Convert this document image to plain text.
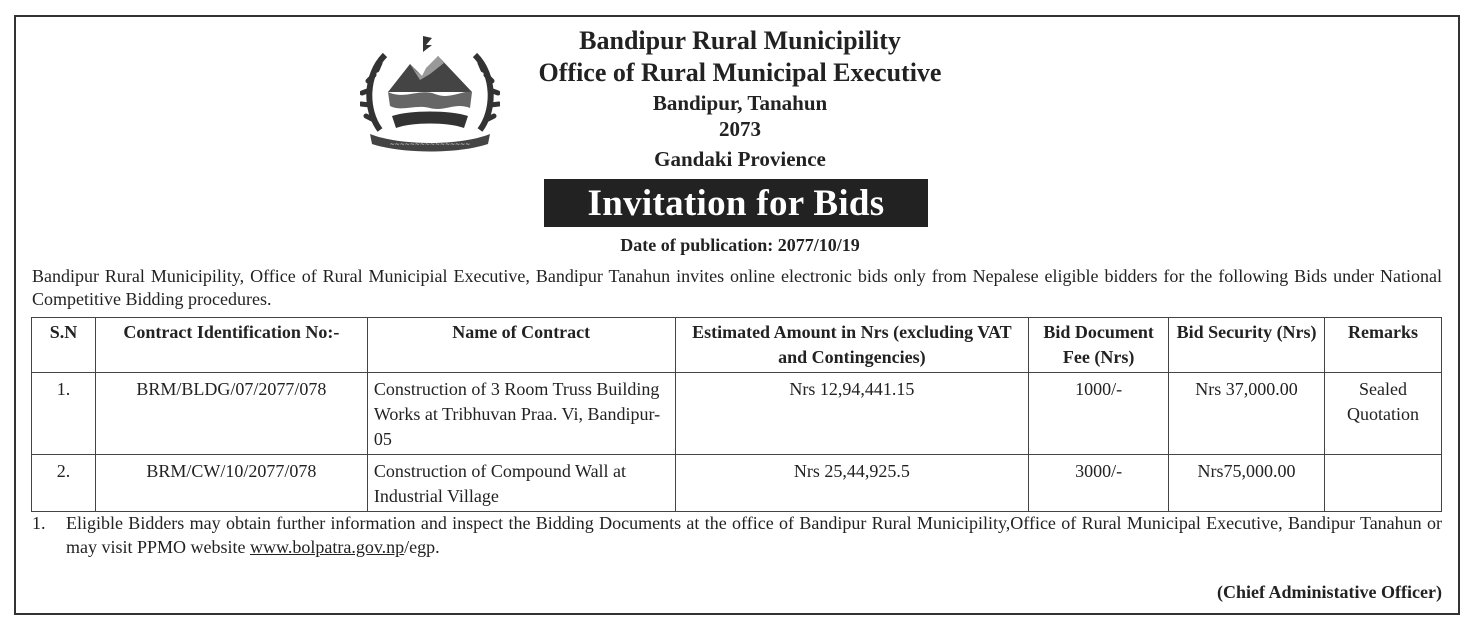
~~~~~~~~~~~~~~~~
Bandipur Rural Municipility
Office of Rural Municipal Executive
Bandipur, Tanahun
2073
Gandaki Provience
Invitation for Bids
Date of publication: 2077/10/19
Bandipur Rural Municipility, Office of Rural Municipial Executive, Bandipur Tanahun invites online electronic bids only from Nepalese eligible bidders for the following Bids under National Competitive Bidding procedures.
S.N	Contract Identification No:-	Name of Contract	Estimated Amount in Nrs (excluding VAT and Contingencies)	Bid Document Fee (Nrs)	Bid Security (Nrs)	Remarks
1.	BRM/BLDG/07/2077/078	Construction of 3 Room Truss Building Works at Tribhuvan Praa. Vi, Bandipur-05	Nrs 12,94,441.15	1000/-	Nrs 37,000.00	Sealed Quotation
2.	BRM/CW/10/2077/078	Construction of Compound Wall at Industrial Village	Nrs 25,44,925.5	3000/-	Nrs75,000.00	
1.	Eligible Bidders may obtain further information and inspect the Bidding Documents at the office of Bandipur Rural Municipility,Office of Rural Municipal Executive, Bandipur Tanahun or may visit PPMO website www.bolpatra.gov.np/egp.
(Chief Administative Officer)
